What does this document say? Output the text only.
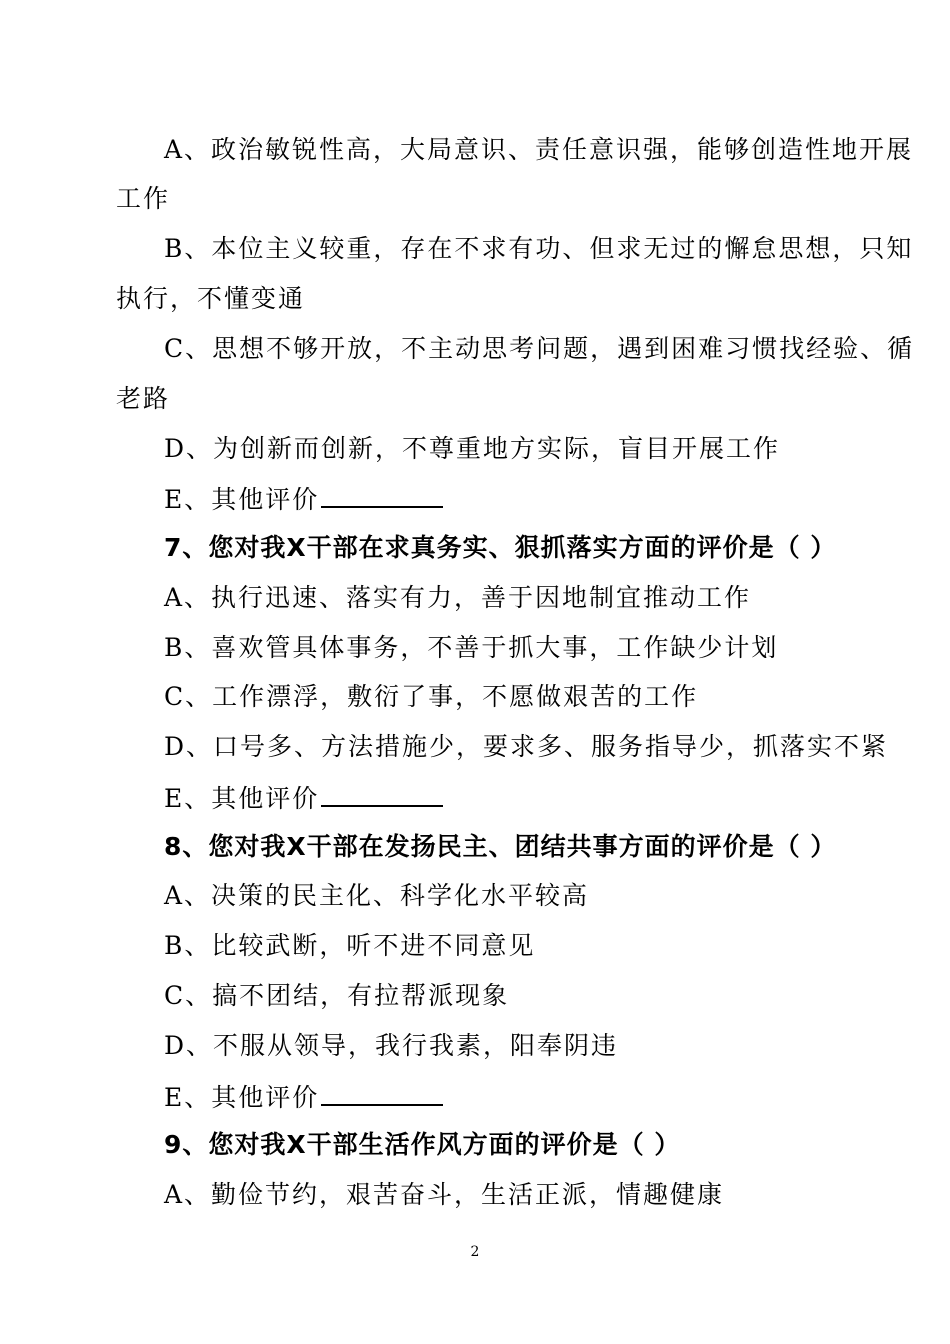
A、政治敏锐性高，大局意识、责任意识强，能够创造性地开展
工作
B、本位主义较重，存在不求有功、但求无过的懈怠思想，只知
执行，不懂变通
C、思想不够开放，不主动思考问题，遇到困难习惯找经验、循
老路
D、为创新而创新，不尊重地方实际，盲目开展工作
E、其他评价
7、您对我X干部在求真务实、狠抓落实方面的评价是（ ）
A、执行迅速、落实有力，善于因地制宜推动工作
B、喜欢管具体事务，不善于抓大事，工作缺少计划
C、工作漂浮，敷衍了事，不愿做艰苦的工作
D、口号多、方法措施少，要求多、服务指导少，抓落实不紧
E、其他评价
8、您对我X干部在发扬民主、团结共事方面的评价是（ ）
A、决策的民主化、科学化水平较高
B、比较武断，听不进不同意见
C、搞不团结，有拉帮派现象
D、不服从领导，我行我素，阳奉阴违
E、其他评价
9、您对我X干部生活作风方面的评价是（ ）
A、勤俭节约，艰苦奋斗，生活正派，情趣健康
2
